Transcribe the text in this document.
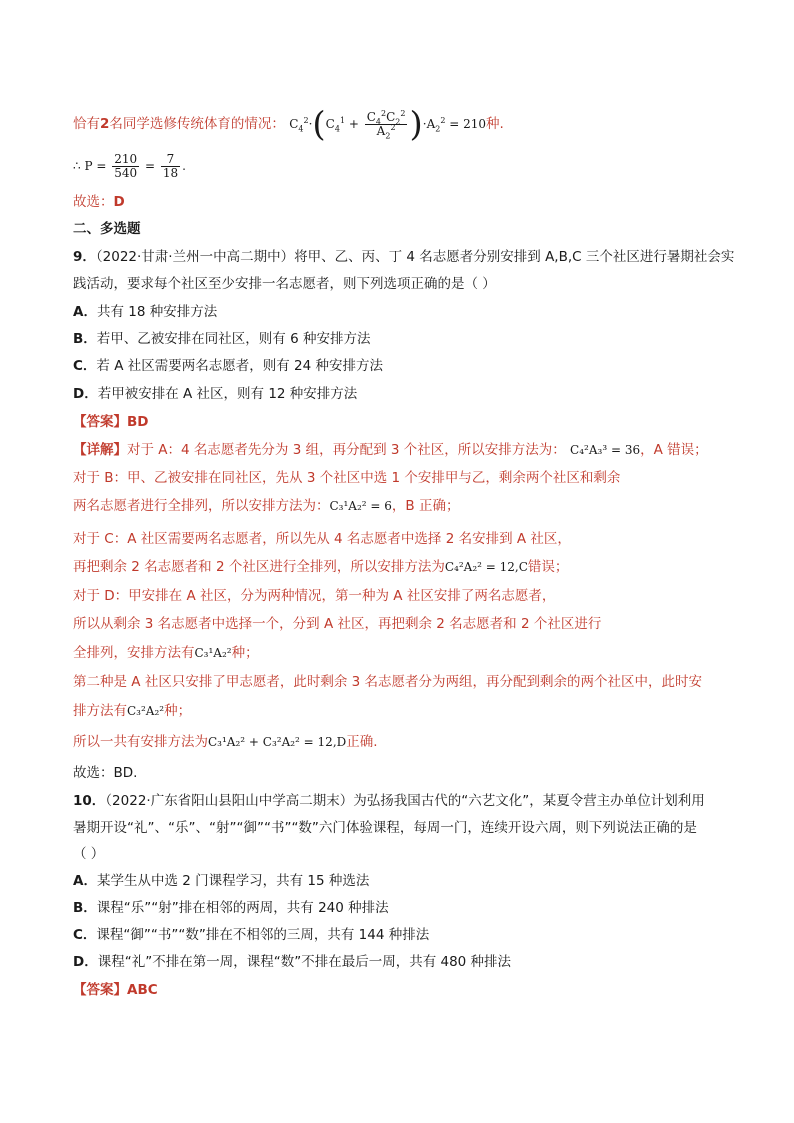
恰有2名同学选修传统体育的情况： $C_4^2\cdot(C_4^1 + \frac{C_4^2C_2^2}{A_2^2} )\cdot A_2^2 = 210$种.
∴ $P = \frac{210}{540} = \frac{7}{18}$ .
故选：D
二、多选题
9．（2022·甘肃·兰州一中高二期中）将甲、乙、丙、丁 4 名志愿者分别安排到 A,B,C 三个社区进行暑期社会实
践活动，要求每个社区至少安排一名志愿者，则下列选项正确的是（ ）
A．共有 18 种安排方法
B．若甲、乙被安排在同社区，则有 6 种安排方法
C．若 A 社区需要两名志愿者，则有 24 种安排方法
D．若甲被安排在 A 社区，则有 12 种安排方法
【答案】BD
【详解】对于 A：4 名志愿者先分为 3 组，再分配到 3 个社区，所以安排方法为： C₄²A₃³ = 36，A 错误；
对于 B：甲、乙被安排在同社区，先从 3 个社区中选 1 个安排甲与乙，剩余两个社区和剩余
两名志愿者进行全排列，所以安排方法为：C₃¹A₂² = 6，B 正确；
对于 C：A 社区需要两名志愿者，所以先从 4 名志愿者中选择 2 名安排到 A 社区，
再把剩余 2 名志愿者和 2 个社区进行全排列，所以安排方法为C₄²A₂² = 12,C错误；
对于 D：甲安排在 A 社区，分为两种情况，第一种为 A 社区安排了两名志愿者，
所以从剩余 3 名志愿者中选择一个，分到 A 社区，再把剩余 2 名志愿者和 2 个社区进行
全排列，安排方法有C₃¹A₂²种；
第二种是 A 社区只安排了甲志愿者，此时剩余 3 名志愿者分为两组，再分配到剩余的两个社区中，此时安
排方法有C₃²A₂²种；
所以一共有安排方法为C₃¹A₂² + C₃²A₂² = 12,D正确.
故选：BD.
10．（2022·广东省阳山县阳山中学高二期末）为弘扬我国古代的“六艺文化”，某夏令营主办单位计划利用
暑期开设“礼”、“乐”、“射”“御”“书”“数”六门体验课程，每周一门，连续开设六周，则下列说法正确的是
（ ）
A．某学生从中选 2 门课程学习，共有 15 种选法
B．课程“乐”“射”排在相邻的两周，共有 240 种排法
C．课程“御”“书”“数”排在不相邻的三周，共有 144 种排法
D．课程“礼”不排在第一周，课程“数”不排在最后一周，共有 480 种排法
【答案】ABC
